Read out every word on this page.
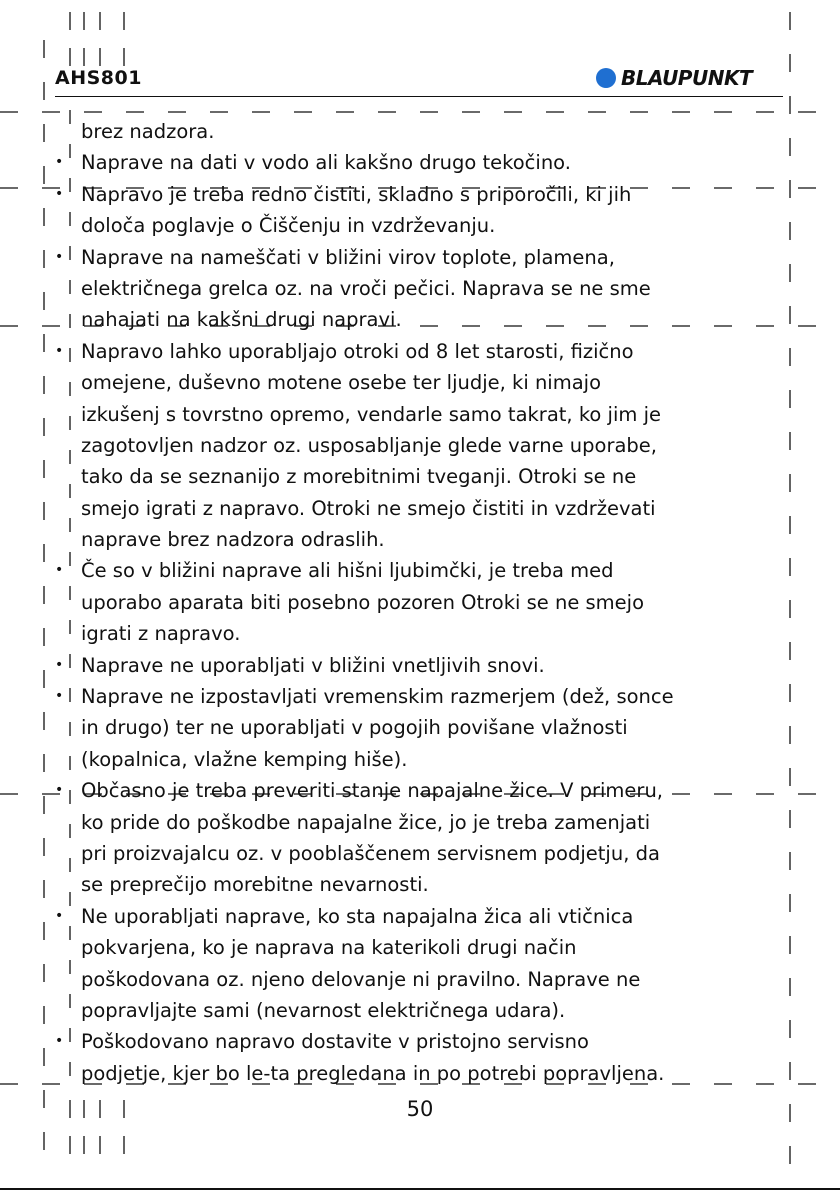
AHS801	BLAUPUNKT
brez nadzora.
• Naprave na dati v vodo ali kakšno drugo tekočino.
• Napravo je treba redno čistiti, skladno s priporočili, ki jih
določa poglavje o Čiščenju in vzdrževanju.
• Naprave na nameščati v bližini virov toplote, plamena,
električnega grelca oz. na vroči pečici. Naprava se ne sme
nahajati na kakšni drugi napravi.
• Napravo lahko uporabljajo otroki od 8 let starosti, fizično
omejene, duševno motene osebe ter ljudje, ki nimajo
izkušenj s tovrstno opremo, vendarle samo takrat, ko jim je
zagotovljen nadzor oz. usposabljanje glede varne uporabe,
tako da se seznanijo z morebitnimi tveganji. Otroki se ne
smejo igrati z napravo. Otroki ne smejo čistiti in vzdrževati
naprave brez nadzora odraslih.
• Če so v bližini naprave ali hišni ljubimčki, je treba med
uporabo aparata biti posebno pozoren Otroki se ne smejo
igrati z napravo.
• Naprave ne uporabljati v bližini vnetljivih snovi.
• Naprave ne izpostavljati vremenskim razmerjem (dež, sonce
in drugo) ter ne uporabljati v pogojih povišane vlažnosti
(kopalnica, vlažne kemping hiše).
• Občasno je treba preveriti stanje napajalne žice. V primeru,
ko pride do poškodbe napajalne žice, jo je treba zamenjati
pri proizvajalcu oz. v pooblaščenem servisnem podjetju, da
se preprečijo morebitne nevarnosti.
• Ne uporabljati naprave, ko sta napajalna žica ali vtičnica
pokvarjena, ko je naprava na katerikoli drugi način
poškodovana oz. njeno delovanje ni pravilno. Naprave ne
popravljajte sami (nevarnost električnega udara).
• Poškodovano napravo dostavite v pristojno servisno
podjetje, kjer bo le-ta pregledana in po potrebi popravljena.
50
